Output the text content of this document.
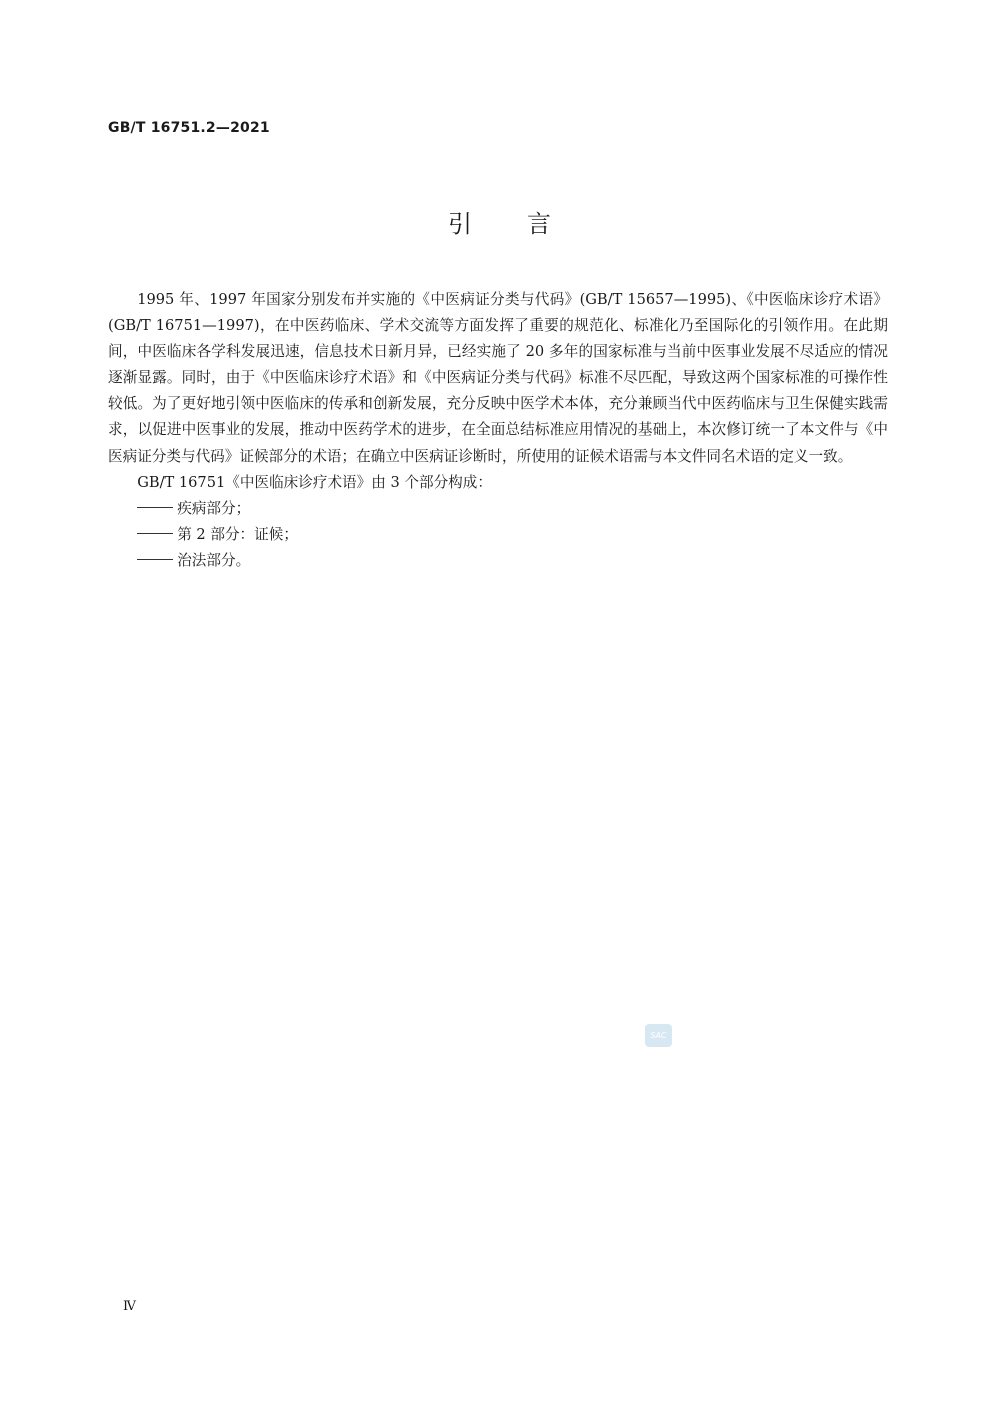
GB/T 16751.2—2021
引言

1995 年、1997 年国家分别发布并实施的《中医病证分类与代码》(GB/T 15657—1995)、《中医临床诊疗术语》(GB/T 16751—1997)，在中医药临床、学术交流等方面发挥了重要的规范化、标准化乃至国际化的引领作用。在此期间，中医临床各学科发展迅速，信息技术日新月异，已经实施了 20 多年的国家标准与当前中医事业发展不尽适应的情况逐渐显露。同时，由于《中医临床诊疗术语》和《中医病证分类与代码》标准不尽匹配，导致这两个国家标准的可操作性较低。为了更好地引领中医临床的传承和创新发展，充分反映中医学术本体，充分兼顾当代中医药临床与卫生保健实践需求，以促进中医事业的发展，推动中医药学术的进步，在全面总结标准应用情况的基础上，本次修订统一了本文件与《中医病证分类与代码》证候部分的术语；在确立中医病证诊断时，所使用的证候术语需与本文件同名术语的定义一致。

GB/T 16751《中医临床诊疗术语》由 3 个部分构成：

疾病部分；
第 2 部分：证候；
治法部分。
SAC
Ⅳ
